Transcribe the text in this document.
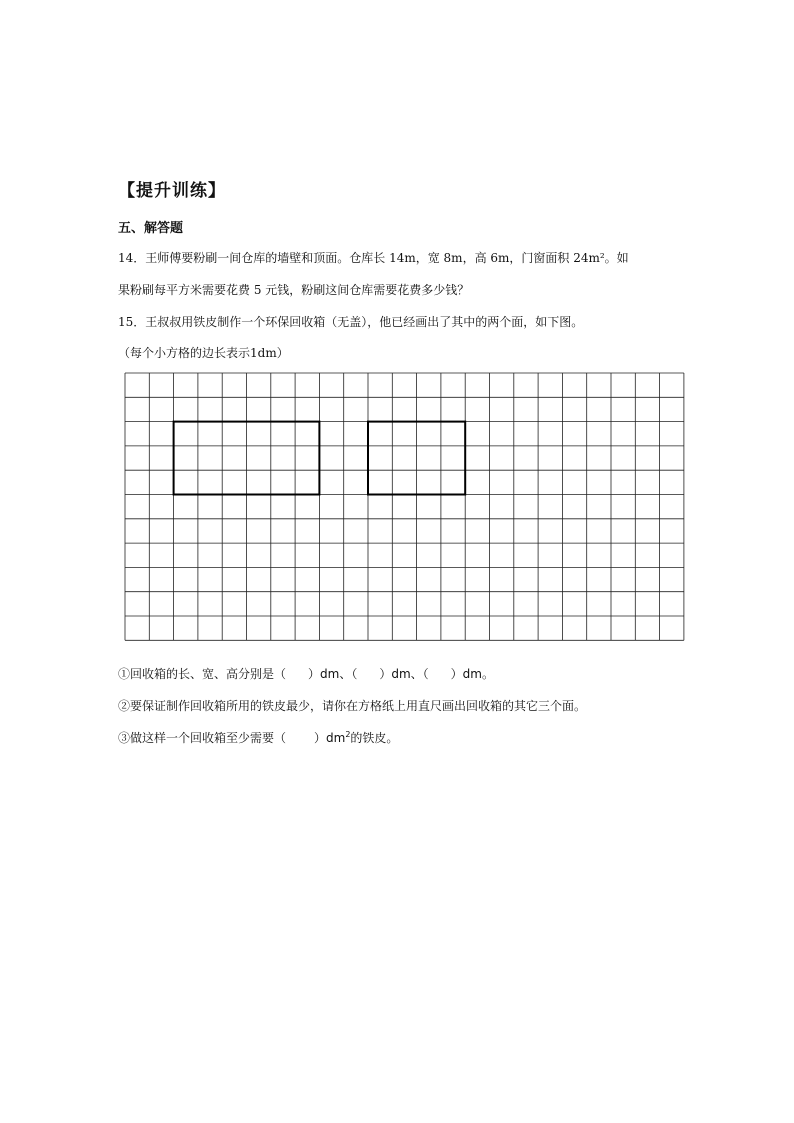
【提升训练】
五、解答题
14．王师傅要粉刷一间仓库的墙壁和顶面。仓库长 14m，宽 8m，高 6m，门窗面积 24m²。如
果粉刷每平方米需要花费 5 元钱，粉刷这间仓库需要花费多少钱？
15．王叔叔用铁皮制作一个环保回收箱（无盖），他已经画出了其中的两个面，如下图。
（每个小方格的边长表示1dm）
①回收箱的长、宽、高分别是（ ）dm、（ ）dm、（ ）dm。
②要保证制作回收箱所用的铁皮最少，请你在方格纸上用直尺画出回收箱的其它三个面。
③做这样一个回收箱至少需要（ ）$dm^2$的铁皮。
